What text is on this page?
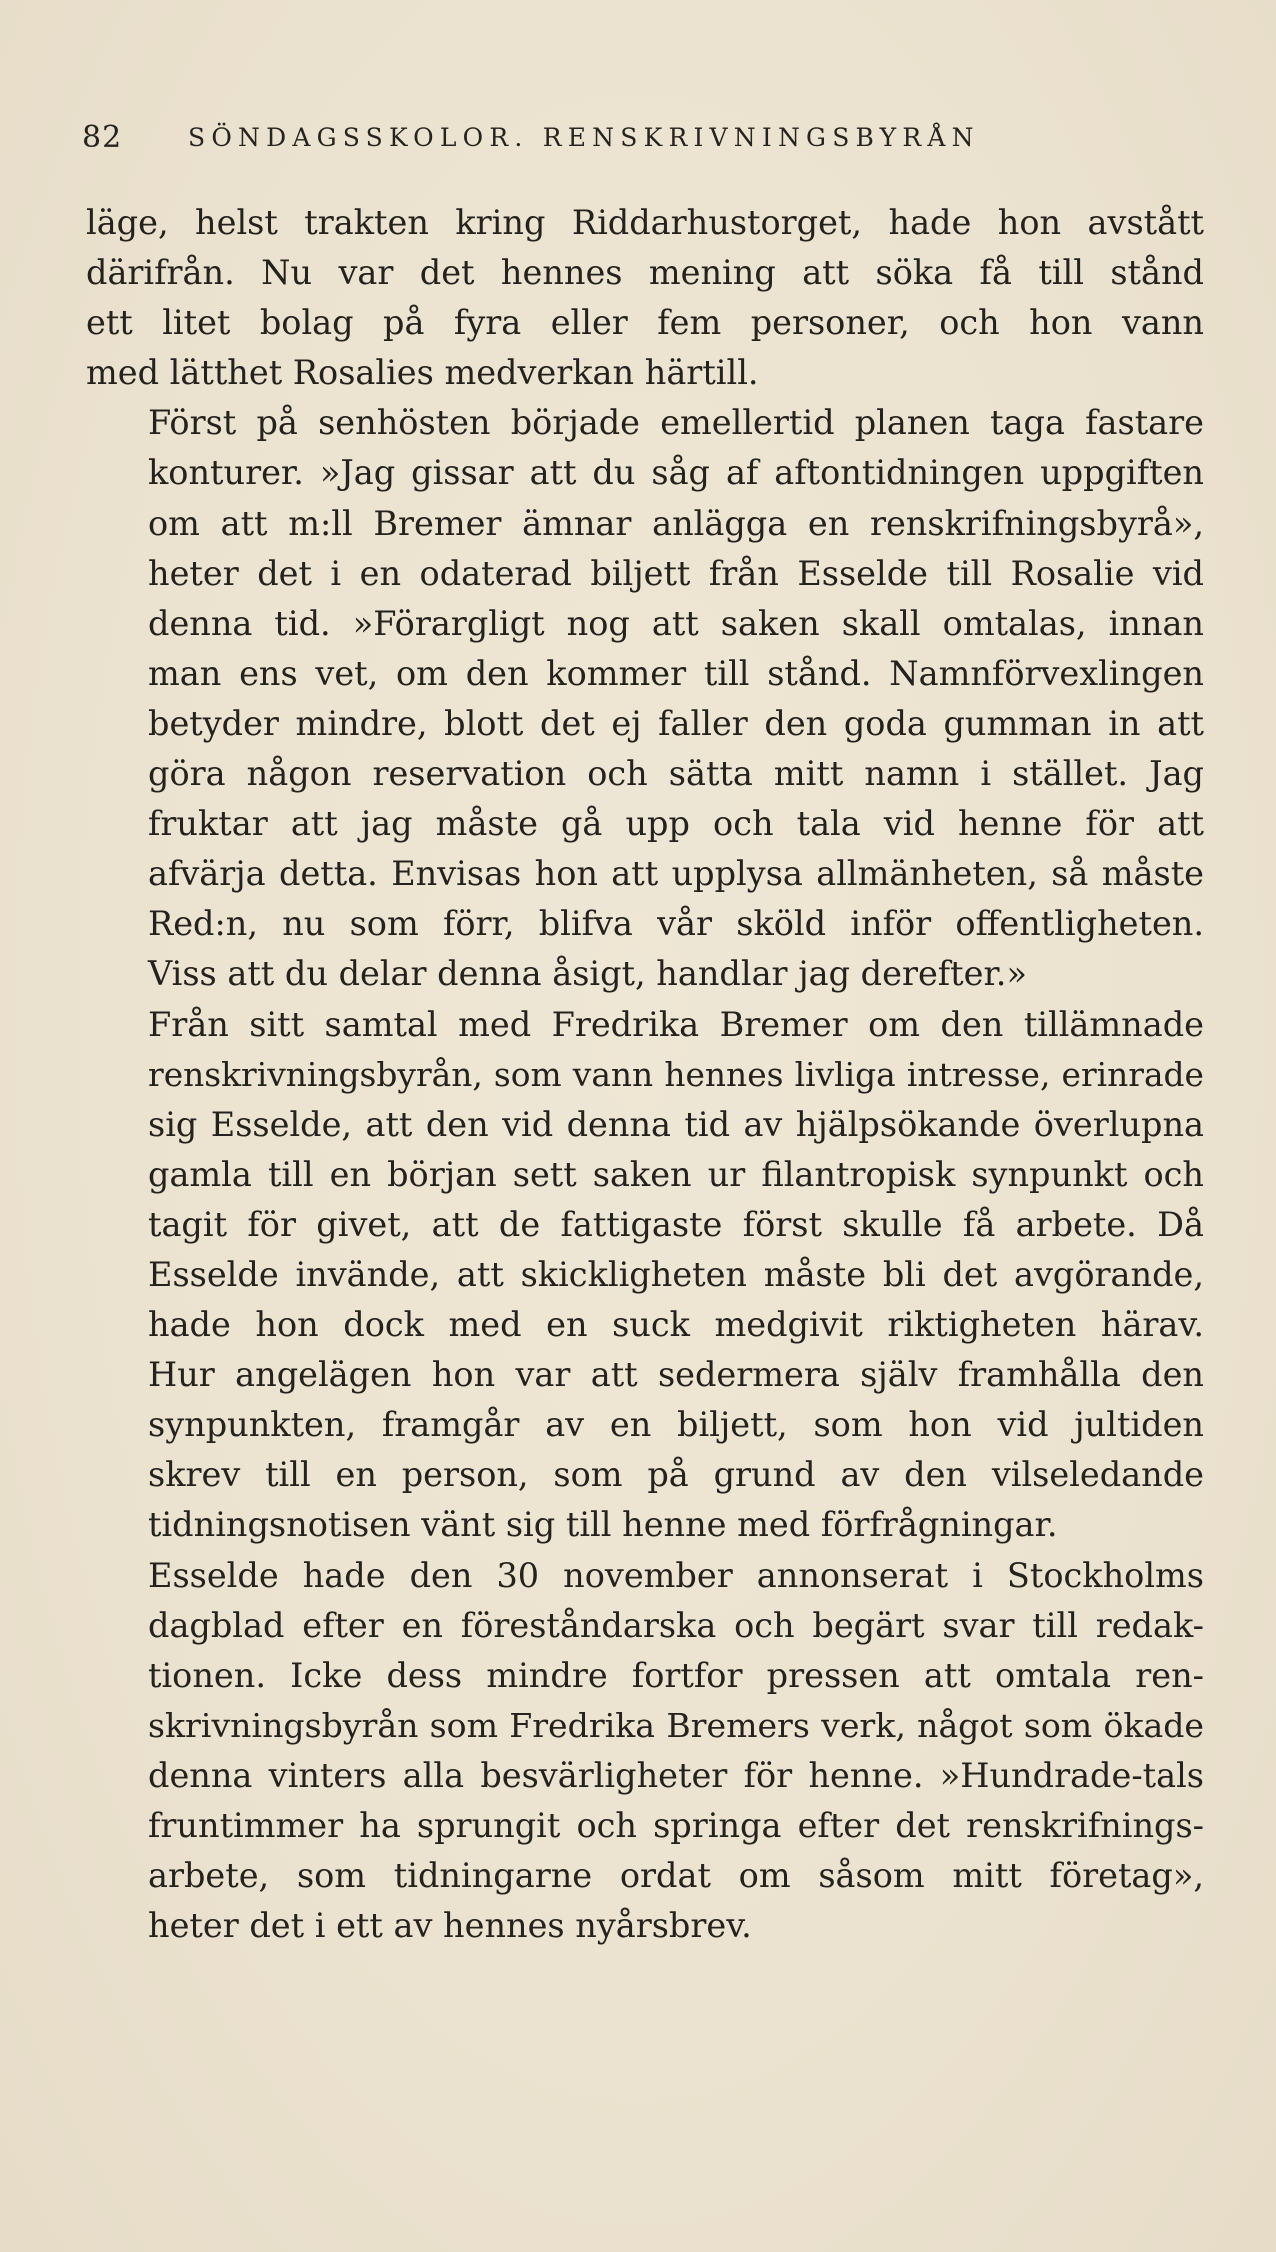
82	SÖNDAGSSKOLOR. RENSKRIVNINGSBYRÅN

läge, helst trakten kring Riddarhustorget, hade hon avstått
därifrån. Nu var det hennes mening att söka få till stånd
ett litet bolag på fyra eller fem personer, och hon vann
med lätthet Rosalies medverkan härtill.

Först på senhösten började emellertid planen taga fastare
konturer. »Jag gissar att du såg af aftontidningen uppgiften
om att m:ll Bremer ämnar anlägga en renskrifningsbyrå»,
heter det i en odaterad biljett från Esselde till Rosalie vid
denna tid. »Förargligt nog att saken skall omtalas, innan
man ens vet, om den kommer till stånd. Namnförvexlingen
betyder mindre, blott det ej faller den goda gumman in att
göra någon reservation och sätta mitt namn i stället. Jag
fruktar att jag måste gå upp och tala vid henne för att
afvärja detta. Envisas hon att upplysa allmänheten, så måste
Red:n, nu som förr, blifva vår sköld inför offentligheten.
Viss att du delar denna åsigt, handlar jag derefter.»

Från sitt samtal med Fredrika Bremer om den tillämnade
renskrivningsbyrån, som vann hennes livliga intresse, erinrade
sig Esselde, att den vid denna tid av hjälpsökande överlupna
gamla till en början sett saken ur filantropisk synpunkt och
tagit för givet, att de fattigaste först skulle få arbete. Då
Esselde invände, att skickligheten måste bli det avgörande,
hade hon dock med en suck medgivit riktigheten härav.
Hur angelägen hon var att sedermera själv framhålla den
synpunkten, framgår av en biljett, som hon vid jultiden
skrev till en person, som på grund av den vilseledande
tidningsnotisen vänt sig till henne med förfrågningar.

Esselde hade den 30 november annonserat i Stockholms
dagblad efter en föreståndarska och begärt svar till redak-
tionen. Icke dess mindre fortfor pressen att omtala ren-
skrivningsbyrån som Fredrika Bremers verk, något som ökade
denna vinters alla besvärligheter för henne. »Hundrade-tals
fruntimmer ha sprungit och springa efter det renskrifnings-
arbete, som tidningarne ordat om såsom mitt företag»,
heter det i ett av hennes nyårsbrev.
